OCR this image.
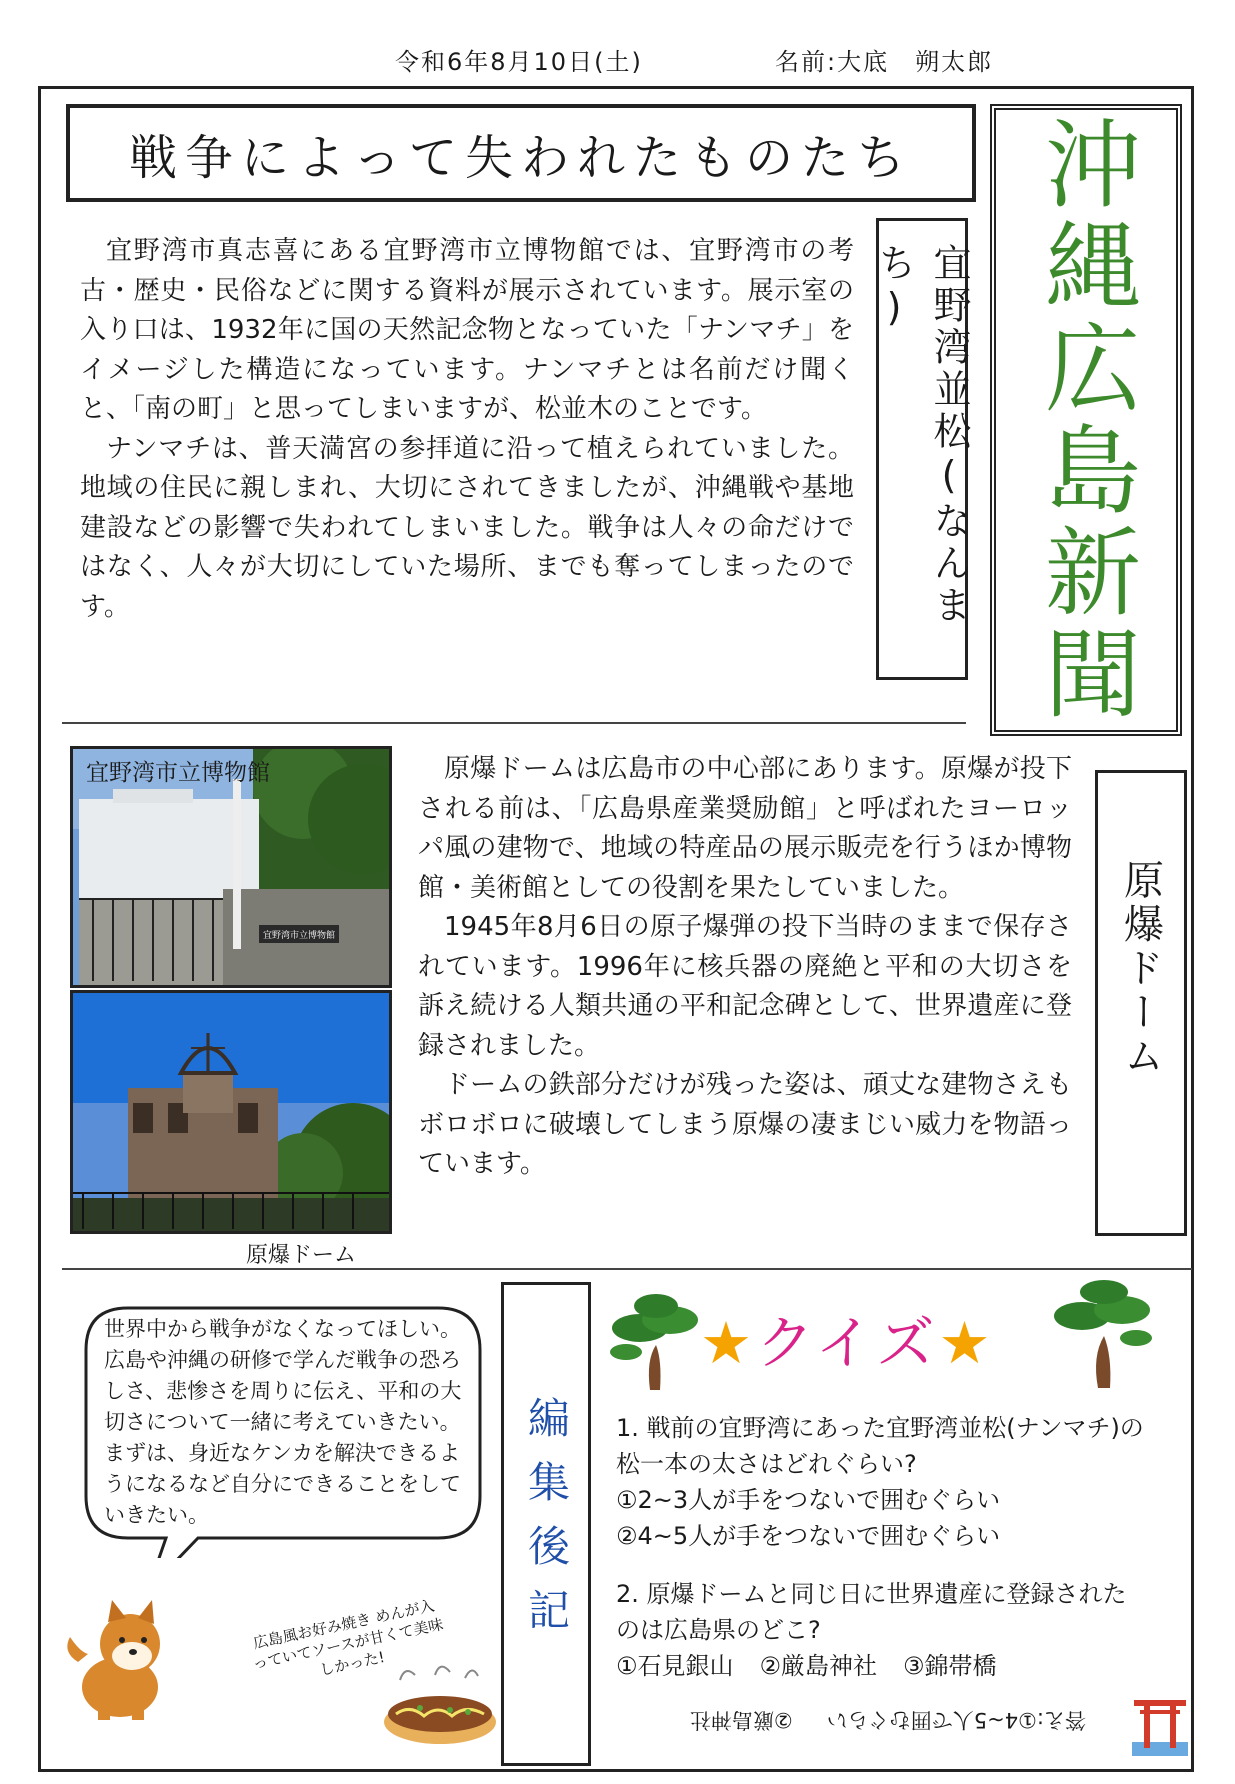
令和6年8月10日(土)	名前:大底　朔太郎
戦争によって失われたものたち	沖縄広島新聞
宜野湾並松(なんまち)

宜野湾市真志喜にある宜野湾市立博物館では、宜野湾市の考古・歴史・民俗などに関する資料が展示されています。展示室の入り口は、1932年に国の天然記念物となっていた「ナンマチ」をイメージした構造になっています。ナンマチとは名前だけ聞くと、「南の町」と思ってしまいますが、松並木のことです。

ナンマチは、普天満宮の参拝道に沿って植えられていました。地域の住民に親しまれ、大切にされてきましたが、沖縄戦や基地建設などの影響で失われてしまいました。戦争は人々の命だけではなく、人々が大切にしていた場所、までも奪ってしまったのです。

宜野湾市立博物館
宜野湾市立博物館
原爆ドーム

原爆ドームは広島市の中心部にあります。原爆が投下される前は、「広島県産業奨励館」と呼ばれたヨーロッパ風の建物で、地域の特産品の展示販売を行うほか博物館・美術館としての役割を果たしていました。

1945年8月6日の原子爆弾の投下当時のままで保存されています。1996年に核兵器の廃絶と平和の大切さを訴え続ける人類共通の平和記念碑として、世界遺産に登録されました。

ドームの鉄部分だけが残った姿は、頑丈な建物さえもボロボロに破壊してしまう原爆の凄まじい威力を物語っています。

原爆ドーム
世界中から戦争がなくなってほしい。広島や沖縄の研修で学んだ戦争の恐ろしさ、悲惨さを周りに伝え、平和の大切さについて一緒に考えていきたい。まずは、身近なケンカを解決できるようになるなど自分にできることをしていきたい。
広島風お好み焼き めんが入っていてソースが甘くて美味しかった!
編集後記
★クイズ★

1. 戦前の宜野湾にあった宜野湾並松(ナンマチ)の松一本の太さはどれぐらい?

①2~3人が手をつないで囲むぐらい

②4~5人が手をつないで囲むぐらい

2. 原爆ドームと同じ日に世界遺産に登録されたのは広島県のどこ?

①石見銀山 ②厳島神社 ③錦帯橋

答え:①4~5人で囲むぐらい②厳島神社
